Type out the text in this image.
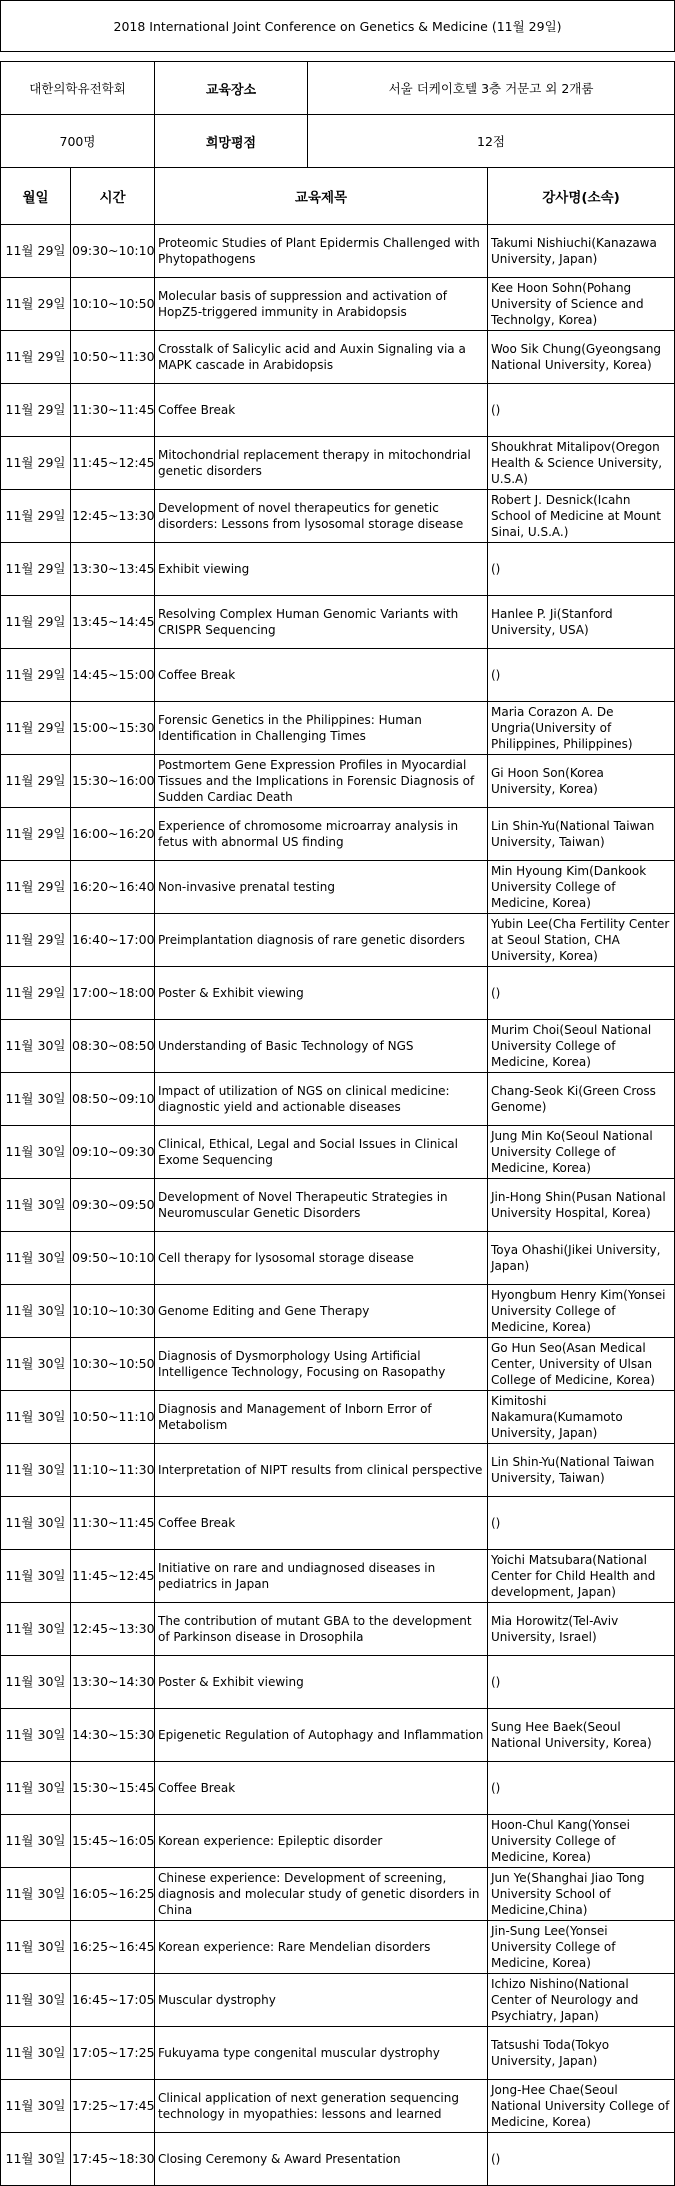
2018 International Joint Conference on Genetics & Medicine (11월 29일)				

대한의학유전학회		교육장소	서울 더케이호텔 3층 거문고 외 2개룸	
700명		희망평점	12점	
월일	시간	교육제목		강사명(소속)
11월 29일	09:30~10:10	Proteomic Studies of Plant Epidermis Challenged with Phytopathogens		Takumi Nishiuchi(Kanazawa University, Japan)
11월 29일	10:10~10:50	Molecular basis of suppression and activation of HopZ5-triggered immunity in Arabidopsis		Kee Hoon Sohn(Pohang University of Science and Technolgy, Korea)
11월 29일	10:50~11:30	Crosstalk of Salicylic acid and Auxin Signaling via a MAPK cascade in Arabidopsis		Woo Sik Chung(Gyeongsang National University, Korea)
11월 29일	11:30~11:45	Coffee Break		()
11월 29일	11:45~12:45	Mitochondrial replacement therapy in mitochondrial genetic disorders		Shoukhrat Mitalipov(Oregon Health & Science University, U.S.A)
11월 29일	12:45~13:30	Development of novel therapeutics for genetic disorders: Lessons from lysosomal storage disease		Robert J. Desnick(Icahn School of Medicine at Mount Sinai, U.S.A.)
11월 29일	13:30~13:45	Exhibit viewing		()
11월 29일	13:45~14:45	Resolving Complex Human Genomic Variants with CRISPR Sequencing		Hanlee P. Ji(Stanford University, USA)
11월 29일	14:45~15:00	Coffee Break		()
11월 29일	15:00~15:30	Forensic Genetics in the Philippines: Human Identification in Challenging Times		Maria Corazon A. De Ungria(University of Philippines, Philippines)
11월 29일	15:30~16:00	Postmortem Gene Expression Profiles in Myocardial Tissues and the Implications in Forensic Diagnosis of Sudden Cardiac Death		Gi Hoon Son(Korea University, Korea)
11월 29일	16:00~16:20	Experience of chromosome microarray analysis in fetus with abnormal US finding		Lin Shin-Yu(National Taiwan University, Taiwan)
11월 29일	16:20~16:40	Non-invasive prenatal testing		Min Hyoung Kim(Dankook University College of Medicine, Korea)
11월 29일	16:40~17:00	Preimplantation diagnosis of rare genetic disorders		Yubin Lee(Cha Fertility Center at Seoul Station, CHA University, Korea)
11월 29일	17:00~18:00	Poster & Exhibit viewing		()
11월 30일	08:30~08:50	Understanding of Basic Technology of NGS		Murim Choi(Seoul National University College of Medicine, Korea)
11월 30일	08:50~09:10	Impact of utilization of NGS on clinical medicine: diagnostic yield and actionable diseases		Chang-Seok Ki(Green Cross Genome)
11월 30일	09:10~09:30	Clinical, Ethical, Legal and Social Issues in Clinical Exome Sequencing		Jung Min Ko(Seoul National University College of Medicine, Korea)
11월 30일	09:30~09:50	Development of Novel Therapeutic Strategies in Neuromuscular Genetic Disorders		Jin-Hong Shin(Pusan National University Hospital, Korea)
11월 30일	09:50~10:10	Cell therapy for lysosomal storage disease		Toya Ohashi(Jikei University, Japan)
11월 30일	10:10~10:30	Genome Editing and Gene Therapy		Hyongbum Henry Kim(Yonsei University College of Medicine, Korea)
11월 30일	10:30~10:50	Diagnosis of Dysmorphology Using Artificial Intelligence Technology, Focusing on Rasopathy		Go Hun Seo(Asan Medical Center, University of Ulsan College of Medicine, Korea)
11월 30일	10:50~11:10	Diagnosis and Management of Inborn Error of Metabolism		Kimitoshi Nakamura(Kumamoto University, Japan)
11월 30일	11:10~11:30	Interpretation of NIPT results from clinical perspective		Lin Shin-Yu(National Taiwan University, Taiwan)
11월 30일	11:30~11:45	Coffee Break		()
11월 30일	11:45~12:45	Initiative on rare and undiagnosed diseases in pediatrics in Japan		Yoichi Matsubara(National Center for Child Health and development, Japan)
11월 30일	12:45~13:30	The contribution of mutant GBA to the development of Parkinson disease in Drosophila		Mia Horowitz(Tel-Aviv University, Israel)
11월 30일	13:30~14:30	Poster & Exhibit viewing		()
11월 30일	14:30~15:30	Epigenetic Regulation of Autophagy and Inflammation		Sung Hee Baek(Seoul National University, Korea)
11월 30일	15:30~15:45	Coffee Break		()
11월 30일	15:45~16:05	Korean experience: Epileptic disorder		Hoon-Chul Kang(Yonsei University College of Medicine, Korea)
11월 30일	16:05~16:25	Chinese experience: Development of screening, diagnosis and molecular study of genetic disorders in China		Jun Ye(Shanghai Jiao Tong University School of Medicine,China)
11월 30일	16:25~16:45	Korean experience: Rare Mendelian disorders		Jin-Sung Lee(Yonsei University College of Medicine, Korea)
11월 30일	16:45~17:05	Muscular dystrophy		Ichizo Nishino(National Center of Neurology and Psychiatry, Japan)
11월 30일	17:05~17:25	Fukuyama type congenital muscular dystrophy		Tatsushi Toda(Tokyo University, Japan)
11월 30일	17:25~17:45	Clinical application of next generation sequencing technology in myopathies: lessons and learned		Jong-Hee Chae(Seoul National University College of Medicine, Korea)
11월 30일	17:45~18:30	Closing Ceremony & Award Presentation		()
